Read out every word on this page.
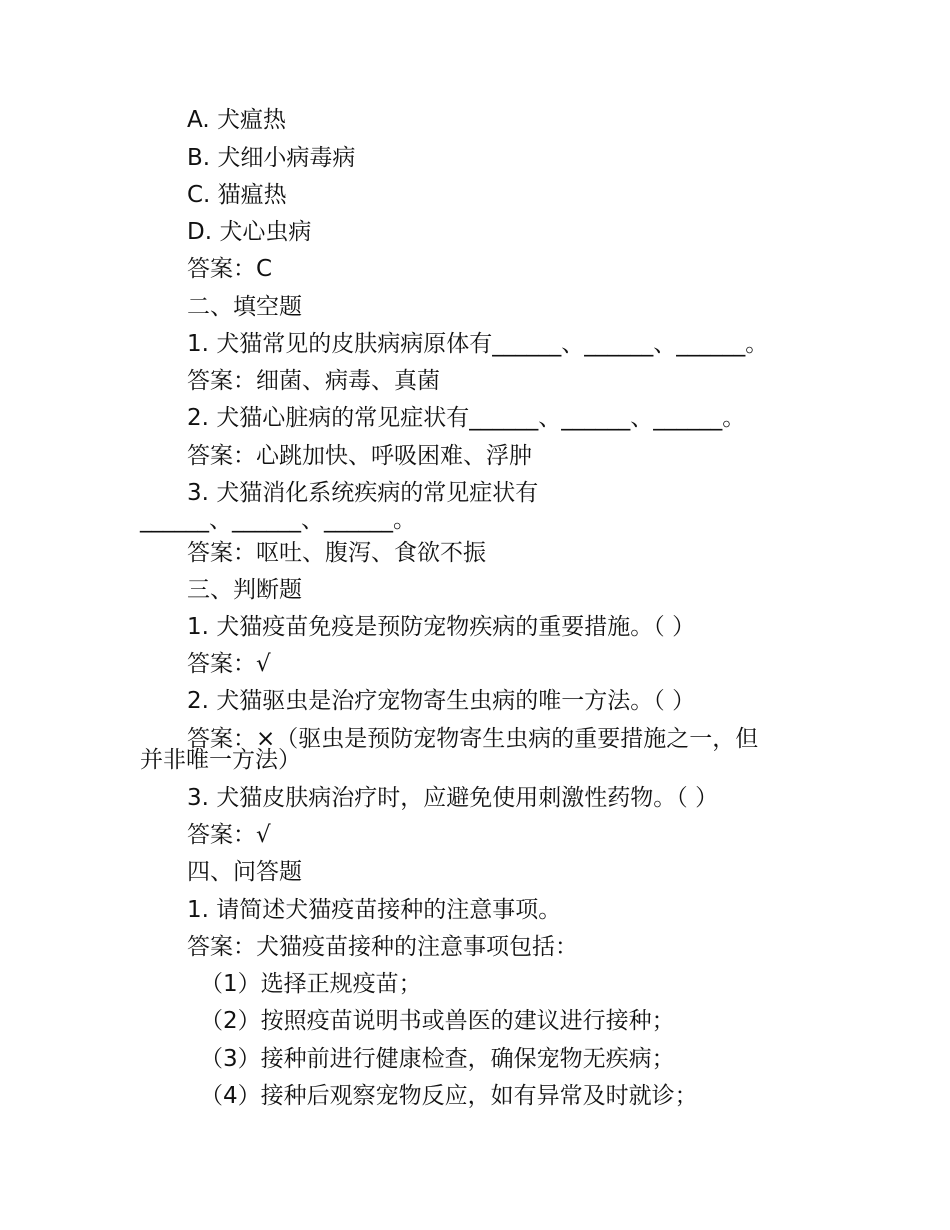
A. 犬瘟热
B. 犬细小病毒病
C. 猫瘟热
D. 犬心虫病
答案：C
二、填空题
1. 犬猫常见的皮肤病病原体有______、______、______。
答案：细菌、病毒、真菌
2. 犬猫心脏病的常见症状有______、______、______。
答案：心跳加快、呼吸困难、浮肿
3. 犬猫消化系统疾病的常见症状有
______、______、______。
答案：呕吐、腹泻、食欲不振
三、判断题
1. 犬猫疫苗免疫是预防宠物疾病的重要措施。（ ）
答案：√
2. 犬猫驱虫是治疗宠物寄生虫病的唯一方法。（ ）
答案：×（驱虫是预防宠物寄生虫病的重要措施之一，但
并非唯一方法）
3. 犬猫皮肤病治疗时，应避免使用刺激性药物。（ ）
答案：√
四、问答题
1. 请简述犬猫疫苗接种的注意事项。
答案：犬猫疫苗接种的注意事项包括：
（1）选择正规疫苗；
（2）按照疫苗说明书或兽医的建议进行接种；
（3）接种前进行健康检查，确保宠物无疾病；
（4）接种后观察宠物反应，如有异常及时就诊；
